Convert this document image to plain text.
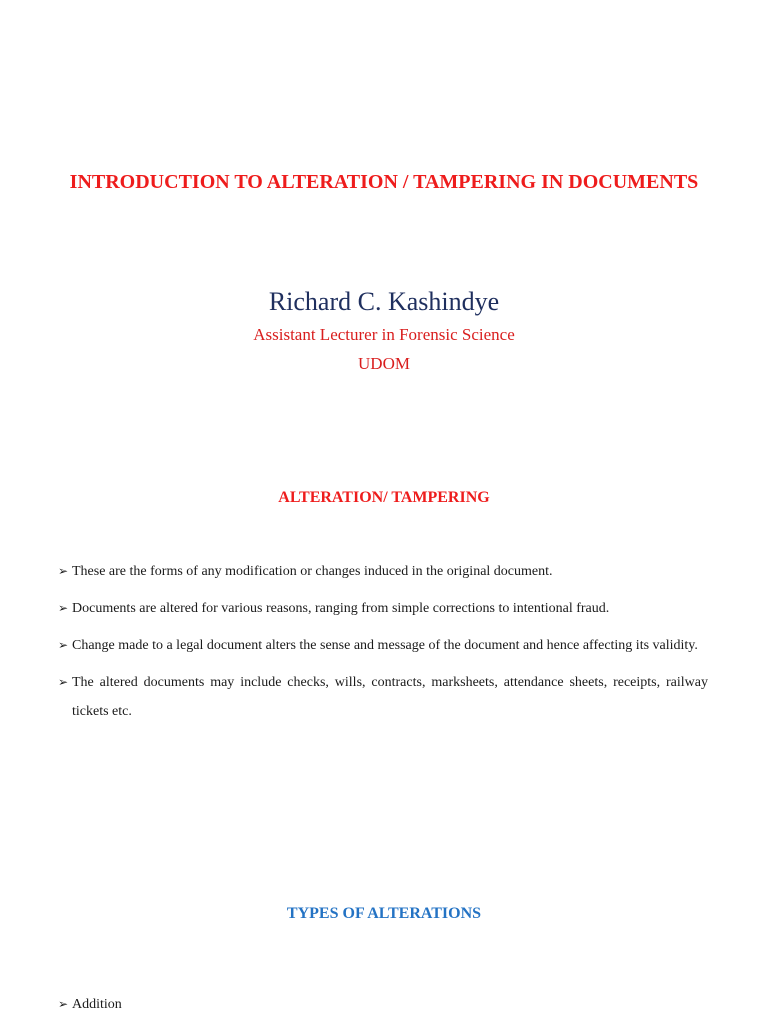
INTRODUCTION TO ALTERATION / TAMPERING IN DOCUMENTS

Richard C. Kashindye

Assistant Lecturer in Forensic Science

UDOM

ALTERATION/ TAMPERING
➢ These are the forms of any modification or changes induced in the original document.
➢ Documents are altered for various reasons, ranging from simple corrections to intentional fraud.
➢ Change made to a legal document alters the sense and message of the document and hence affecting its validity.
➢ The altered documents may include checks, wills, contracts, marksheets, attendance sheets, receipts, railway tickets etc.
TYPES OF ALTERATIONS
➢ Addition
